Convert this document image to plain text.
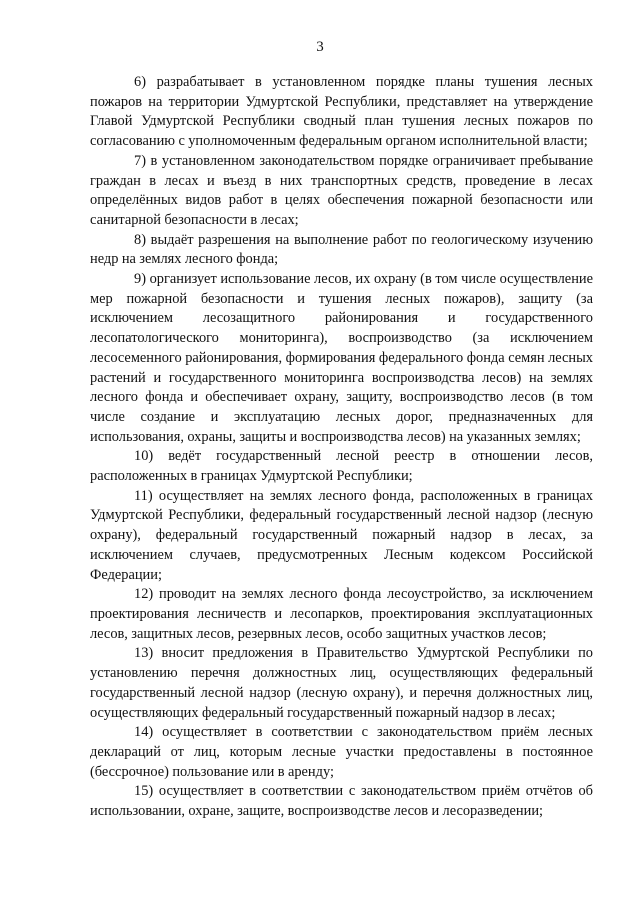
3

6) разрабатывает в установленном порядке планы тушения лесных пожаров на территории Удмуртской Республики, представляет на утверждение Главой Удмуртской Республики сводный план тушения лесных пожаров по согласованию с уполномоченным федеральным органом исполнительной власти;

7) в установленном законодательством порядке ограничивает пребывание граждан в лесах и въезд в них транспортных средств, проведение в лесах определённых видов работ в целях обеспечения пожарной безопасности или санитарной безопасности в лесах;

8) выдаёт разрешения на выполнение работ по геологическому изучению недр на землях лесного фонда;

9) организует использование лесов, их охрану (в том числе осуществление мер пожарной безопасности и тушения лесных пожаров), защиту (за исключением лесозащитного районирования и государственного лесопатологического мониторинга), воспроизводство (за исключением лесосеменного районирования, формирования федерального фонда семян лесных растений и государственного мониторинга воспроизводства лесов) на землях лесного фонда и обеспечивает охрану, защиту, воспроизводство лесов (в том числе создание и эксплуатацию лесных дорог, предназначенных для использования, охраны, защиты и воспроизводства лесов) на указанных землях;

10) ведёт государственный лесной реестр в отношении лесов, расположенных в границах Удмуртской Республики;

11) осуществляет на землях лесного фонда, расположенных в границах Удмуртской Республики, федеральный государственный лесной надзор (лесную охрану), федеральный государственный пожарный надзор в лесах, за исключением случаев, предусмотренных Лесным кодексом Российской Федерации;

12) проводит на землях лесного фонда лесоустройство, за исключением проектирования лесничеств и лесопарков, проектирования эксплуатационных лесов, защитных лесов, резервных лесов, особо защитных участков лесов;

13) вносит предложения в Правительство Удмуртской Республики по установлению перечня должностных лиц, осуществляющих федеральный государственный лесной надзор (лесную охрану), и перечня должностных лиц, осуществляющих федеральный государственный пожарный надзор в лесах;

14) осуществляет в соответствии с законодательством приём лесных деклараций от лиц, которым лесные участки предоставлены в постоянное (бессрочное) пользование или в аренду;

15) осуществляет в соответствии с законодательством приём отчётов об использовании, охране, защите, воспроизводстве лесов и лесоразведении;
